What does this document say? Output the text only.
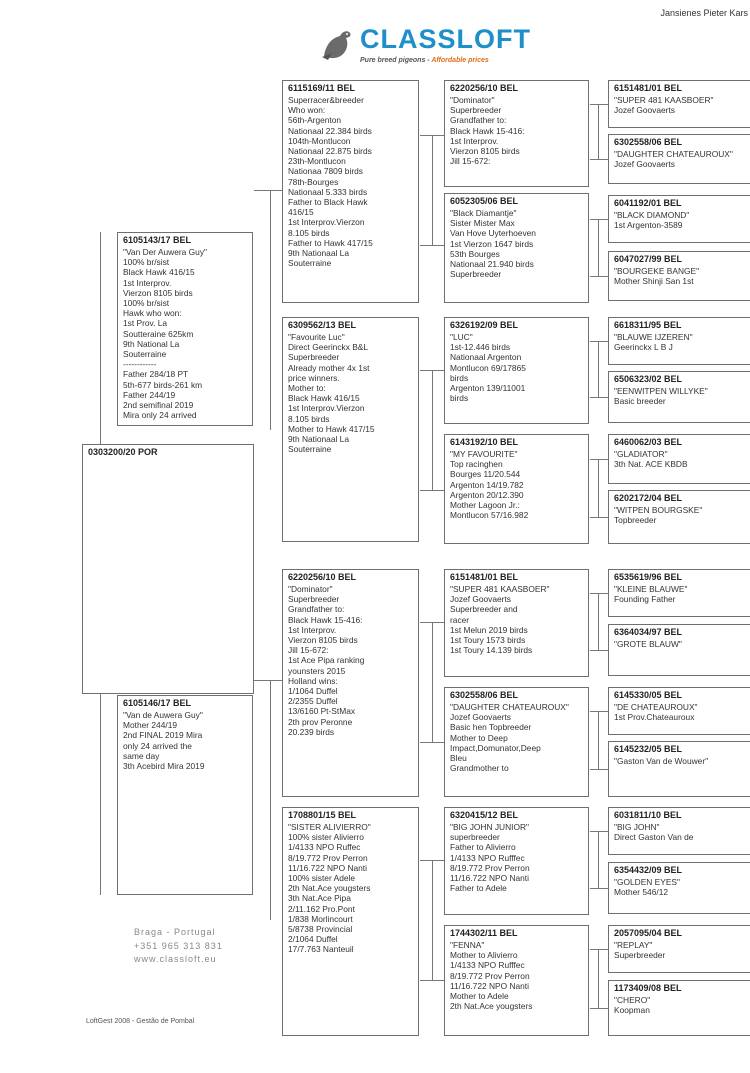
Jansienes Pieter Kars
CLASSLOFT
Pure breed pigeons - Affordable prices
0303200/20 POR
6105143/17 BEL
"Van Der Auwera Guy"
100% br/sist
Black Hawk 416/15
1st Interprov.
Vierzon 8105 birds
100% br/sist
Hawk who won:
1st Prov. La
Soutteraine 625km
9th National La
Souterraine
------------
Father 284/18 PT
5th-677 birds-261 km
Father 244/19
2nd semifinal 2019
Mira only 24 arrived
6105146/17 BEL
"Van de Auwera Guy"
Mother 244/19
2nd FINAL 2019 Mira
only 24 arrived the
same day
3th Acebird Mira 2019
6115169/11 BEL
Superracer&breeder
Who won:
56th-Argenton
Nationaal 22.384 birds
104th-Montlucon
Nationaal 22.875 birds
23th-Montlucon
Nationaa 7809 birds
78th-Bourges
Nationaal 5.333 birds
Father to Black Hawk
416/15
1st Interprov.Vierzon
8.105 birds
Father to Hawk 417/15
9th Nationaal La
Souterraine
6309562/13 BEL
"Favourite Luc"
Direct Geerinckx B&L
Superbreeder
Already mother 4x 1st
price winners.
Mother to:
Black Hawk 416/15
1st Interprov.Vierzon
8.105 birds
Mother to Hawk 417/15
9th Nationaal La
Souterraine
6220256/10 BEL
"Dominator"
Superbreeder
Grandfather to:
Black Hawk 15-416:
1st Interprov.
Vierzon 8105 birds
Jill 15-672:
1st Ace Pipa ranking
younsters 2015
Holland wins:
1/1064 Duffel
2/2355 Duffel
13/6160 Pt-StMax
2th prov Peronne
20.239 birds
1708801/15 BEL
"SISTER ALIVIERRO"
100% sister Alivierro
1/4133 NPO Ruffec
8/19.772 Prov Perron
11/16.722 NPO Nanti
100% sister Adele
2th Nat.Ace yougsters
3th Nat.Ace Pipa
2/11.162 Pro.Pont
1/838 Morlincourt
5/8738 Provincial
2/1064 Duffel
17/7.763 Nanteuil
6220256/10 BEL
"Dominator"
Superbreeder
Grandfather to:
Black Hawk 15-416:
1st Interprov.
Vierzon 8105 birds
Jill 15-672:
6052305/06 BEL
"Black Diamantje"
Sister Mister Max
Van Hove Uyterhoeven
1st Vierzon 1647 birds
53th Bourges
Nationaal 21.940 birds
Superbreeder
6326192/09 BEL
"LUC"
1st-12.446 birds
Nationaal Argenton
Montlucon 69/17865
birds
Argenton 139/11001
birds
6143192/10 BEL
"MY FAVOURITE"
Top racinghen
Bourges 11/20.544
Argenton 14/19.782
Argenton 20/12.390
Mother Lagoon Jr.:
Montlucon 57/16.982
6151481/01 BEL
"SUPER 481 KAASBOER"
Jozef Goovaerts
Superbreeder and
racer
1st Melun 2019 birds
1st Toury 1573 birds
1st Toury 14.139 birds
6302558/06 BEL
"DAUGHTER CHATEAUROUX"
Jozef Goovaerts
Basic hen Topbreeder
Mother to Deep
Impact,Domunator,Deep
Bleu
Grandmother to
6320415/12 BEL
"BIG JOHN JUNIOR"
superbreeder
Father to Alivierro
1/4133 NPO Rufffec
8/19.772 Prov Perron
11/16.722 NPO Nanti
Father to Adele
1744302/11 BEL
"FENNA"
Mother to Alivierro
1/4133 NPO Rufffec
8/19.772 Prov Perron
11/16.722 NPO Nanti
Mother to Adele
2th Nat.Ace yougsters
6151481/01 BEL
"SUPER 481 KAASBOER"
Jozef Goovaerts
6302558/06 BEL
"DAUGHTER CHATEAUROUX"
Jozef Goovaerts
6041192/01 BEL
"BLACK DIAMOND"
1st Argenton-3589
6047027/99 BEL
"BOURGEKE BANGE"
Mother Shinji San 1st
6618311/95 BEL
"BLAUWE IJZEREN"
Geerinckx L B J
6506323/02 BEL
"EENWITPEN WILLYKE"
Basic breeder
6460062/03 BEL
"GLADIATOR"
3th Nat. ACE KBDB
6202172/04 BEL
"WITPEN BOURGSKE"
Topbreeder
6535619/96 BEL
"KLEINE BLAUWE"
Founding Father
6364034/97 BEL
"GROTE BLAUW"
6145330/05 BEL
"DE CHATEAUROUX"
1st Prov.Chateauroux
6145232/05 BEL
"Gaston Van de Wouwer"
6031811/10 BEL
"BIG JOHN"
Direct Gaston Van de
6354432/09 BEL
"GOLDEN EYES"
Mother 546/12
2057095/04 BEL
"REPLAY"
Superbreeder
1173409/08 BEL
"CHERO"
Koopman
Braga - Portugal
+351 965 313 831
www.classloft.eu
LoftGest 2008 - Gestão de Pombal
